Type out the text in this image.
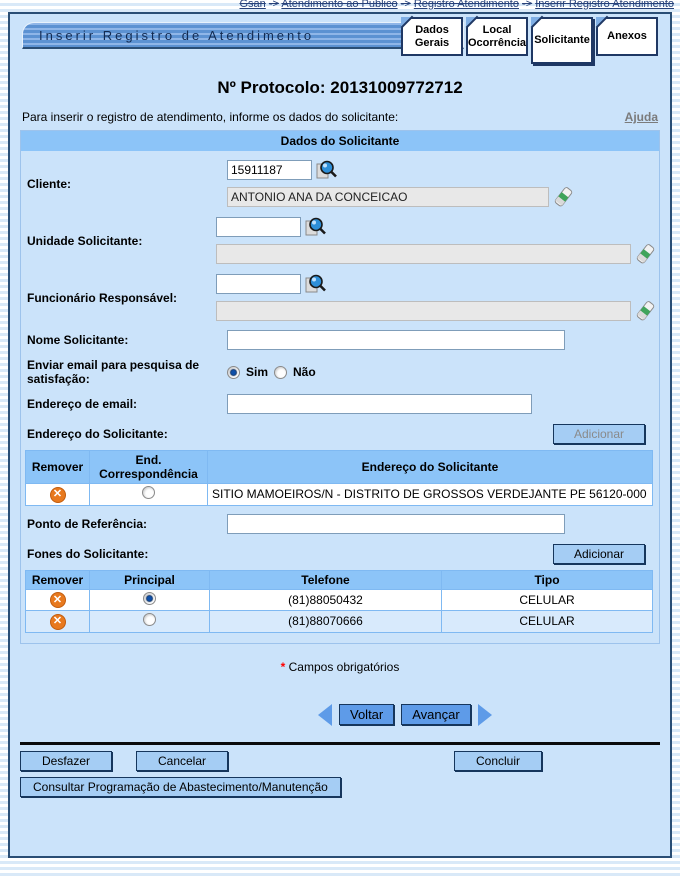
Gsan -> Atendimento ao Publico -> Registro Atendimento -> Inserir Registro Atendimento
Inserir Registro de Atendimento	Dados Gerais
Local Ocorrência Solicitante Anexos
Nº Protocolo: 20131009772712
Para inserir o registro de atendimento, informe os dados do solicitante:	Ajuda
Dados do Solicitante
Cliente:
15911187
ANTONIO ANA DA CONCEICAO
Unidade Solicitante:
Funcionário Responsável:
Nome Solicitante:
Enviar email para pesquisa de satisfação:	Sim Não
Endereço de email:
Endereço do Solicitante:	Adicionar
Remover	End. Correspondência	Endereço do Solicitante
✕		SITIO MAMOEIROS/N - DISTRITO DE GROSSOS VERDEJANTE PE 56120-000
Ponto de Referência:
Fones do Solicitante:	Adicionar
Remover	Principal	Telefone	Tipo
✕		(81)88050432	CELULAR
✕		(81)88070666	CELULAR
* Campos obrigatórios
Voltar	Avançar
Desfazer	Cancelar	Concluir
Consultar Programação de Abastecimento/Manutenção
